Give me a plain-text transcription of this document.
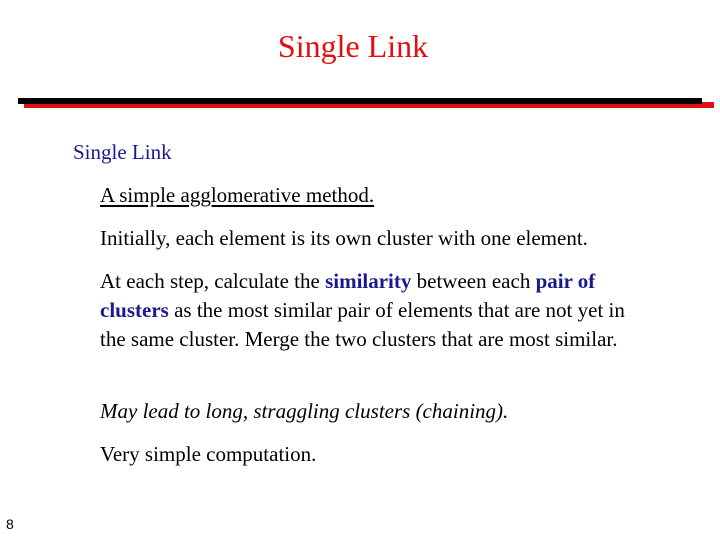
Single Link
Single Link
A simple agglomerative method.
Initially, each element is its own cluster with one element.
At each step, calculate the similarity between each pair of clusters as the most similar pair of elements that are not yet in the same cluster. Merge the two clusters that are most similar.
May lead to long, straggling clusters (chaining).
Very simple computation.
8
